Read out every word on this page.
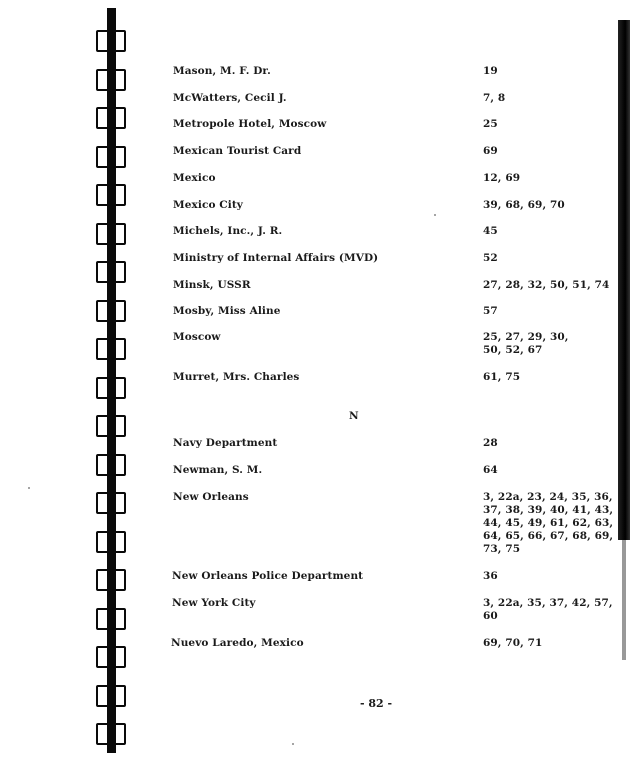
Mason, M. F. Dr.	19
McWatters, Cecil J.	7, 8
Metropole Hotel, Moscow	25
Mexican Tourist Card	69
Mexico	12, 69
Mexico City	39, 68, 69, 70
Michels, Inc., J. R.	45
Ministry of Internal Affairs (MVD)	52
Minsk, USSR	27, 28, 32, 50, 51, 74
Mosby, Miss Aline	57
Moscow	25, 27, 29, 30,
50, 52, 67
Murret, Mrs. Charles	61, 75
N
Navy Department	28
Newman, S. M.	64
New Orleans	3, 22a, 23, 24, 35, 36,
37, 38, 39, 40, 41, 43,
44, 45, 49, 61, 62, 63,
64, 65, 66, 67, 68, 69,
73, 75
New Orleans Police Department	36
New York City	3, 22a, 35, 37, 42, 57,
60
Nuevo Laredo, Mexico	69, 70, 71
- 82 -
